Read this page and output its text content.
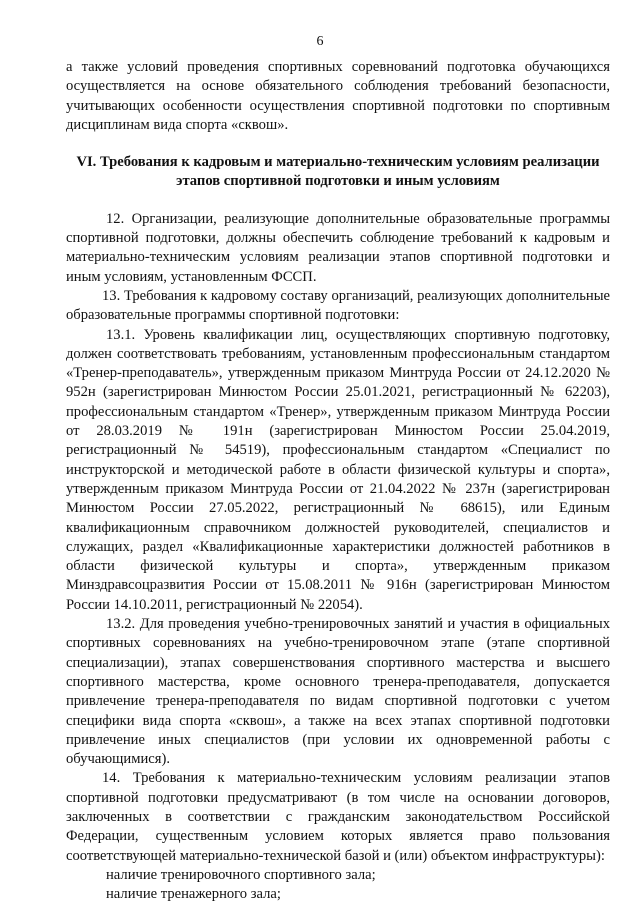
6

а также условий проведения спортивных соревнований подготовка обучающихся осуществляется на основе обязательного соблюдения требований безопасности, учитывающих особенности осуществления спортивной подготовки по спортивным дисциплинам вида спорта «сквош».

VI. Требования к кадровым и материально-техническим условиям реализации

этапов спортивной подготовки и иным условиям

12. Организации, реализующие дополнительные образовательные программы спортивной подготовки, должны обеспечить соблюдение требований к кадровым и материально-техническим условиям реализации этапов спортивной подготовки и иным условиям, установленным ФССП.

13. Требования к кадровому составу организаций, реализующих дополнительные образовательные программы спортивной подготовки:

13.1. Уровень квалификации лиц, осуществляющих спортивную подготовку, должен соответствовать требованиям, установленным профессиональным стандартом «Тренер-преподаватель», утвержденным приказом Минтруда России от 24.12.2020 № 952н (зарегистрирован Минюстом России 25.01.2021, регистрационный № 62203), профессиональным стандартом «Тренер», утвержденным приказом Минтруда России от 28.03.2019 № 191н (зарегистрирован Минюстом России 25.04.2019, регистрационный № 54519), профессиональным стандартом «Специалист по инструкторской и методической работе в области физической культуры и спорта», утвержденным приказом Минтруда России от 21.04.2022 № 237н (зарегистрирован Минюстом России 27.05.2022, регистрационный № 68615), или Единым квалификационным справочником должностей руководителей, специалистов и служащих, раздел «Квалификационные характеристики должностей работников в области физической культуры и спорта», утвержденным приказом Минздравсоцразвития России от 15.08.2011 № 916н (зарегистрирован Минюстом России 14.10.2011, регистрационный № 22054).

13.2. Для проведения учебно-тренировочных занятий и участия в официальных спортивных соревнованиях на учебно-тренировочном этапе (этапе спортивной специализации), этапах совершенствования спортивного мастерства и высшего спортивного мастерства, кроме основного тренера-преподавателя, допускается привлечение тренера-преподавателя по видам спортивной подготовки с учетом специфики вида спорта «сквош», а также на всех этапах спортивной подготовки привлечение иных специалистов (при условии их одновременной работы с обучающимися).

14. Требования к материально-техническим условиям реализации этапов спортивной подготовки предусматривают (в том числе на основании договоров, заключенных в соответствии с гражданским законодательством Российской Федерации, существенным условием которых является право пользования соответствующей материально-технической базой и (или) объектом инфраструктуры):

наличие тренировочного спортивного зала;

наличие тренажерного зала;
